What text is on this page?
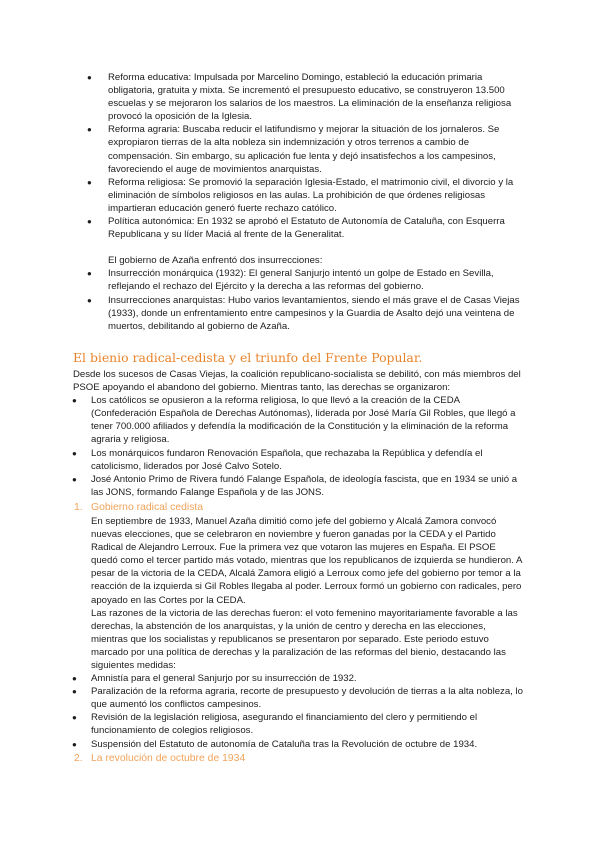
● Reforma educativa: Impulsada por Marcelino Domingo, estableció la educación primaria obligatoria, gratuita y mixta. Se incrementó el presupuesto educativo, se construyeron 13.500 escuelas y se mejoraron los salarios de los maestros. La eliminación de la enseñanza religiosa provocó la oposición de la Iglesia.
● Reforma agraria: Buscaba reducir el latifundismo y mejorar la situación de los jornaleros. Se expropiaron tierras de la alta nobleza sin indemnización y otros terrenos a cambio de compensación. Sin embargo, su aplicación fue lenta y dejó insatisfechos a los campesinos, favoreciendo el auge de movimientos anarquistas.
● Reforma religiosa: Se promovió la separación Iglesia-Estado, el matrimonio civil, el divorcio y la eliminación de símbolos religiosos en las aulas. La prohibición de que órdenes religiosas impartieran educación generó fuerte rechazo católico.
● Política autonómica: En 1932 se aprobó el Estatuto de Autonomía de Cataluña, con Esquerra Republicana y su líder Maciá al frente de la Generalitat.
El gobierno de Azaña enfrentó dos insurrecciones:
● Insurrección monárquica (1932): El general Sanjurjo intentó un golpe de Estado en Sevilla, reflejando el rechazo del Ejército y la derecha a las reformas del gobierno.
● Insurrecciones anarquistas: Hubo varios levantamientos, siendo el más grave el de Casas Viejas (1933), donde un enfrentamiento entre campesinos y la Guardia de Asalto dejó una veintena de muertos, debilitando al gobierno de Azaña.
El bienio radical-cedista y el triunfo del Frente Popular.
Desde los sucesos de Casas Viejas, la coalición republicano-socialista se debilitó, con más miembros del PSOE apoyando el abandono del gobierno. Mientras tanto, las derechas se organizaron:
● Los católicos se opusieron a la reforma religiosa, lo que llevó a la creación de la CEDA (Confederación Española de Derechas Autónomas), liderada por José María Gil Robles, que llegó a tener 700.000 afiliados y defendía la modificación de la Constitución y la eliminación de la reforma agraria y religiosa.
● Los monárquicos fundaron Renovación Española, que rechazaba la República y defendía el catolicismo, liderados por José Calvo Sotelo.
● José Antonio Primo de Rivera fundó Falange Española, de ideología fascista, que en 1934 se unió a las JONS, formando Falange Española y de las JONS.
1. Gobierno radical cedista
En septiembre de 1933, Manuel Azaña dimitió como jefe del gobierno y Alcalá Zamora convocó nuevas elecciones, que se celebraron en noviembre y fueron ganadas por la CEDA y el Partido Radical de Alejandro Lerroux. Fue la primera vez que votaron las mujeres en España. El PSOE quedó como el tercer partido más votado, mientras que los republicanos de izquierda se hundieron. A pesar de la victoria de la CEDA, Alcalá Zamora eligió a Lerroux como jefe del gobierno por temor a la reacción de la izquierda si Gil Robles llegaba al poder. Lerroux formó un gobierno con radicales, pero apoyado en las Cortes por la CEDA.
Las razones de la victoria de las derechas fueron: el voto femenino mayoritariamente favorable a las derechas, la abstención de los anarquistas, y la unión de centro y derecha en las elecciones, mientras que los socialistas y republicanos se presentaron por separado. Este periodo estuvo marcado por una política de derechas y la paralización de las reformas del bienio, destacando las siguientes medidas:
● Amnistía para el general Sanjurjo por su insurrección de 1932.
● Paralización de la reforma agraria, recorte de presupuesto y devolución de tierras a la alta nobleza, lo que aumentó los conflictos campesinos.
● Revisión de la legislación religiosa, asegurando el financiamiento del clero y permitiendo el funcionamiento de colegios religiosos.
● Suspensión del Estatuto de autonomía de Cataluña tras la Revolución de octubre de 1934.
2. La revolución de octubre de 1934
